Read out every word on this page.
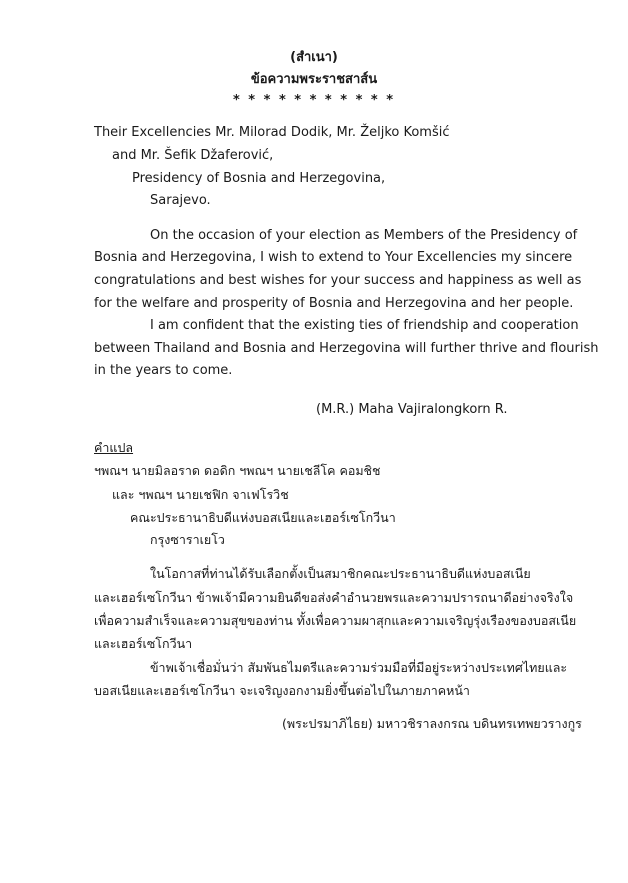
(สำเนา)
ข้อความพระราชสาส์น
* * * * * * * * * * *
Their Excellencies Mr. Milorad Dodik, Mr. Željko Komšić
and Mr. Šefik Džaferović,
Presidency of Bosnia and Herzegovina,
Sarajevo.
On the occasion of your election as Members of the Presidency of
Bosnia and Herzegovina, I wish to extend to Your Excellencies my sincere
congratulations and best wishes for your success and happiness as well as
for the welfare and prosperity of Bosnia and Herzegovina and her people.
I am confident that the existing ties of friendship and cooperation
between Thailand and Bosnia and Herzegovina will further thrive and flourish
in the years to come.
(M.R.) Maha Vajiralongkorn R.
คำแปล
ฯพณฯ นายมิลอราด ดอดิก ฯพณฯ นายเชลีโค คอมชิช
และ ฯพณฯ นายเชฟิก จาเฟโรวิช
คณะประธานาธิบดีแห่งบอสเนียและเฮอร์เซโกวีนา
กรุงซาราเยโว
ในโอกาสที่ท่านได้รับเลือกตั้งเป็นสมาชิกคณะประธานาธิบดีแห่งบอสเนีย
และเฮอร์เซโกวีนา ข้าพเจ้ามีความยินดีขอส่งคำอำนวยพรและความปรารถนาดีอย่างจริงใจ
เพื่อความสำเร็จและความสุขของท่าน ทั้งเพื่อความผาสุกและความเจริญรุ่งเรืองของบอสเนีย
และเฮอร์เซโกวีนา
ข้าพเจ้าเชื่อมั่นว่า สัมพันธไมตรีและความร่วมมือที่มีอยู่ระหว่างประเทศไทยและ
บอสเนียและเฮอร์เซโกวีนา จะเจริญงอกงามยิ่งขึ้นต่อไปในภายภาคหน้า
(พระปรมาภิไธย) มหาวชิราลงกรณ บดินทรเทพยวรางกูร
